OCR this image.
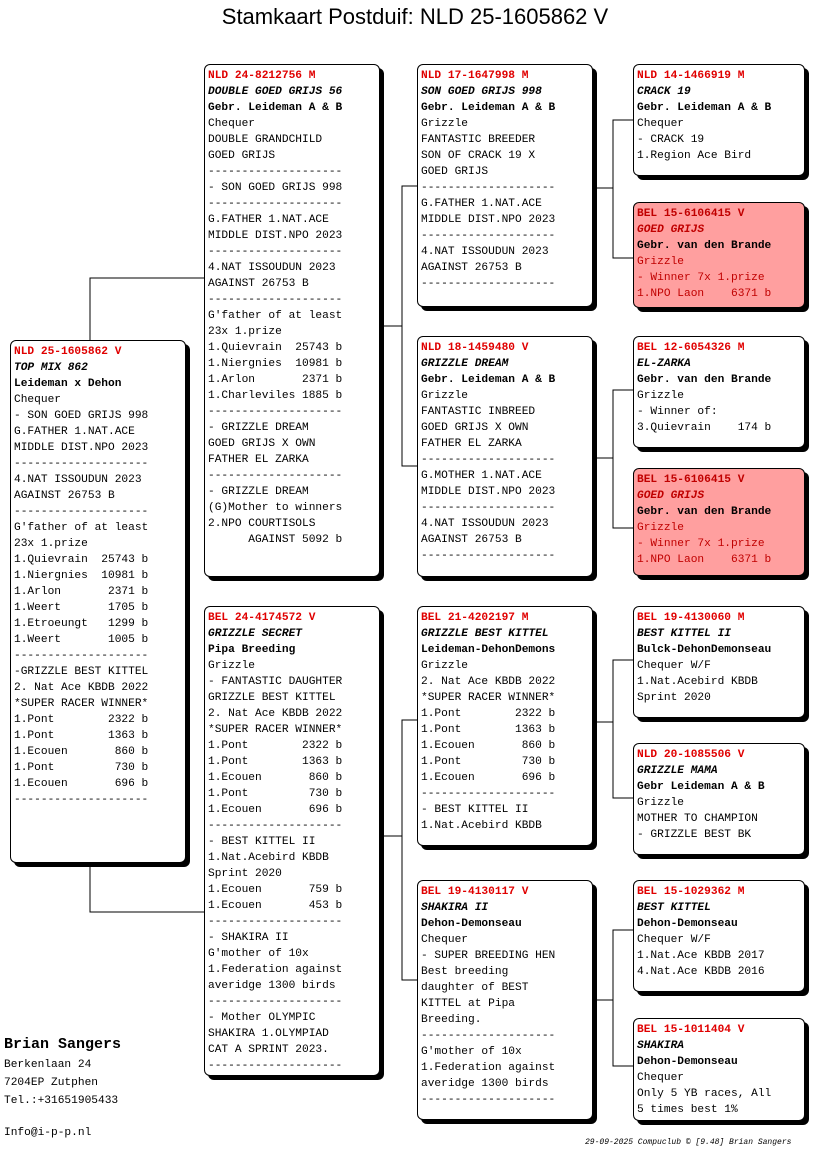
Stamkaart Postduif: NLD 25-1605862 V
NLD 25-1605862 V
TOP MIX 862
Leideman x Dehon
Chequer
- SON GOED GRIJS 998
G.FATHER 1.NAT.ACE
MIDDLE DIST.NPO 2023
--------------------
4.NAT ISSOUDUN 2023
AGAINST 26753 B
--------------------
G'father of at least
23x 1.prize
1.Quievrain  25743 b
1.Niergnies  10981 b
1.Arlon       2371 b
1.Weert       1705 b
1.Etroeungt   1299 b
1.Weert       1005 b
--------------------
-GRIZZLE BEST KITTEL
2. Nat Ace KBDB 2022
*SUPER RACER WINNER*
1.Pont        2322 b
1.Pont        1363 b
1.Ecouen       860 b
1.Pont         730 b
1.Ecouen       696 b
--------------------
NLD 24-8212756 M
DOUBLE GOED GRIJS 56
Gebr. Leideman A & B
Chequer
DOUBLE GRANDCHILD
GOED GRIJS
--------------------
- SON GOED GRIJS 998
--------------------
G.FATHER 1.NAT.ACE
MIDDLE DIST.NPO 2023
--------------------
4.NAT ISSOUDUN 2023
AGAINST 26753 B
--------------------
G'father of at least
23x 1.prize
1.Quievrain  25743 b
1.Niergnies  10981 b
1.Arlon       2371 b
1.Charleviles 1885 b
--------------------
- GRIZZLE DREAM
GOED GRIJS X OWN
FATHER EL ZARKA
--------------------
- GRIZZLE DREAM
(G)Mother to winners
2.NPO COURTISOLS
AGAINST 5092 b
BEL 24-4174572 V
GRIZZLE SECRET
Pipa Breeding
Grizzle
- FANTASTIC DAUGHTER
GRIZZLE BEST KITTEL
2. Nat Ace KBDB 2022
*SUPER RACER WINNER*
1.Pont        2322 b
1.Pont        1363 b
1.Ecouen       860 b
1.Pont         730 b
1.Ecouen       696 b
--------------------
- BEST KITTEL II
1.Nat.Acebird KBDB
Sprint 2020
1.Ecouen       759 b
1.Ecouen       453 b
--------------------
- SHAKIRA II
G'mother of 10x
1.Federation against
averidge 1300 birds
--------------------
- Mother OLYMPIC
SHAKIRA 1.OLYMPIAD
CAT A SPRINT 2023.
--------------------
NLD 17-1647998 M
SON GOED GRIJS 998
Gebr. Leideman A & B
Grizzle
FANTASTIC BREEDER
SON OF CRACK 19 X
GOED GRIJS
--------------------
G.FATHER 1.NAT.ACE
MIDDLE DIST.NPO 2023
--------------------
4.NAT ISSOUDUN 2023
AGAINST 26753 B
--------------------
NLD 18-1459480 V
GRIZZLE DREAM
Gebr. Leideman A & B
Grizzle
FANTASTIC INBREED
GOED GRIJS X OWN
FATHER EL ZARKA
--------------------
G.MOTHER 1.NAT.ACE
MIDDLE DIST.NPO 2023
--------------------
4.NAT ISSOUDUN 2023
AGAINST 26753 B
--------------------
BEL 21-4202197 M
GRIZZLE BEST KITTEL
Leideman-DehonDemons
Grizzle
2. Nat Ace KBDB 2022
*SUPER RACER WINNER*
1.Pont        2322 b
1.Pont        1363 b
1.Ecouen       860 b
1.Pont         730 b
1.Ecouen       696 b
--------------------
- BEST KITTEL II
1.Nat.Acebird KBDB
BEL 19-4130117 V
SHAKIRA II
Dehon-Demonseau
Chequer
- SUPER BREEDING HEN
Best breeding
daughter of BEST
KITTEL at Pipa
Breeding.
--------------------
G'mother of 10x
1.Federation against
averidge 1300 birds
--------------------
NLD 14-1466919 M
CRACK 19
Gebr. Leideman A & B
Chequer
- CRACK 19
1.Region Ace Bird
BEL 15-6106415 V
GOED GRIJS
Gebr. van den Brande
Grizzle
- Winner 7x 1.prize
1.NPO Laon    6371 b
BEL 12-6054326 M
EL-ZARKA
Gebr. van den Brande
Grizzle
- Winner of:
3.Quievrain    174 b
BEL 15-6106415 V
GOED GRIJS
Gebr. van den Brande
Grizzle
- Winner 7x 1.prize
1.NPO Laon    6371 b
BEL 19-4130060 M
BEST KITTEL II
Bulck-DehonDemonseau
Chequer W/F
1.Nat.Acebird KBDB
Sprint 2020
NLD 20-1085506 V
GRIZZLE MAMA
Gebr Leideman A & B
Grizzle
MOTHER TO CHAMPION
- GRIZZLE BEST BK
BEL 15-1029362 M
BEST KITTEL
Dehon-Demonseau
Chequer W/F
1.Nat.Ace KBDB 2017
4.Nat.Ace KBDB 2016
BEL 15-1011404 V
SHAKIRA
Dehon-Demonseau
Chequer
Only 5 YB races, All
5 times best 1%
Brian Sangers
Berkenlaan 24
7204EP Zutphen
Tel.:+31651905433
Info@i-p-p.nl
29-09-2025 Compuclub © [9.48] Brian Sangers
